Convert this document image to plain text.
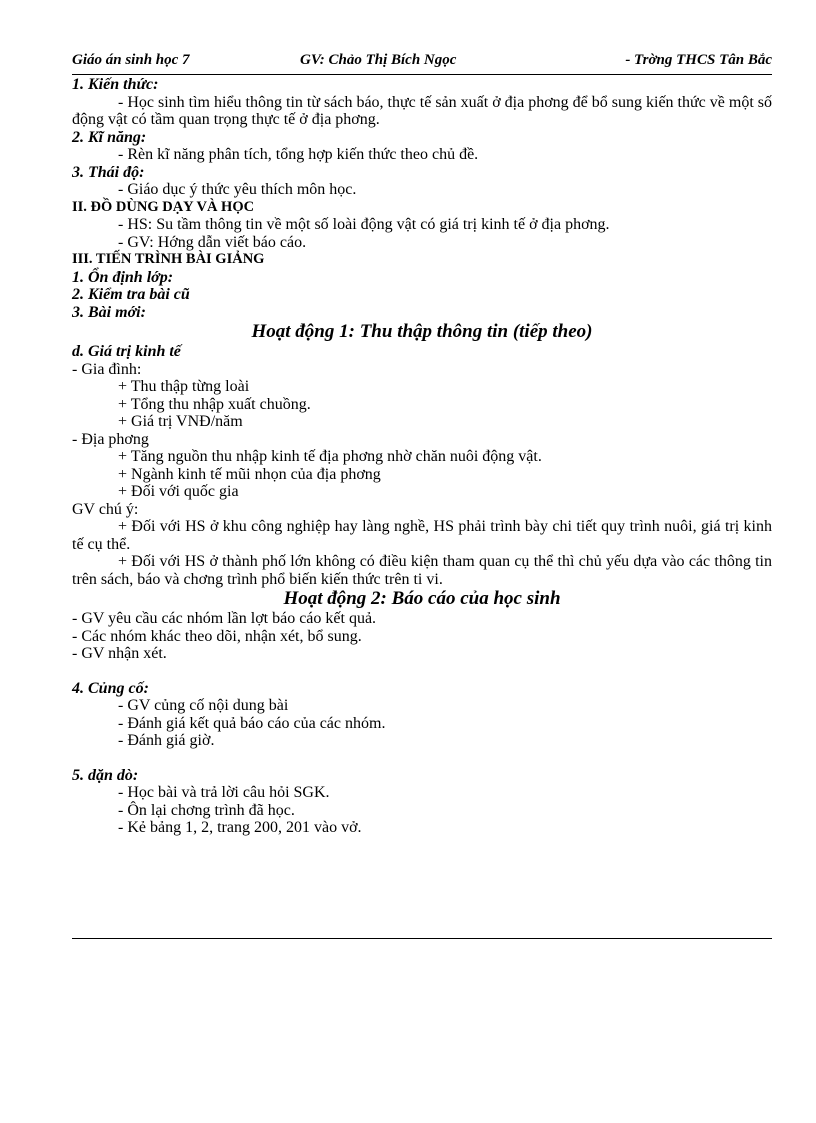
Giáo án sinh học 7	GV: Chảo Thị Bích Ngọc	- Trờng THCS Tân Bắc

1. Kiến thức:

- Học sinh tìm hiểu thông tin từ sách báo, thực tế sản xuất ở địa phơng để bổ sung kiến thức về một số động vật có tầm quan trọng thực tế ở địa phơng.

2. Kĩ năng:

- Rèn kĩ năng phân tích, tổng hợp kiến thức theo chủ đề.

3. Thái độ:

- Giáo dục ý thức yêu thích môn học.

II. ĐỒ DÙNG DẠY VÀ HỌC

- HS: Su tầm thông tin về một số loài động vật có giá trị kinh tế ở địa phơng.

- GV: Hớng dẫn viết báo cáo.

III. TIẾN TRÌNH BÀI GIẢNG

1. Ổn định lớp:

2. Kiểm tra bài cũ

3. Bài mới:

Hoạt động 1: Thu thập thông tin (tiếp theo)

d. Giá trị kinh tế

- Gia đình:

+ Thu thập từng loài

+ Tổng thu nhập xuất chuồng.

+ Giá trị VNĐ/năm

- Địa phơng

+ Tăng nguồn thu nhập kinh tế địa phơng nhờ chăn nuôi động vật.

+ Ngành kinh tế mũi nhọn của địa phơng

+ Đối với quốc gia

GV chú ý:

+ Đối với HS ở khu công nghiệp hay làng nghề, HS phải trình bày chi tiết quy trình nuôi, giá trị kinh tế cụ thể.

+ Đối với HS ở thành phố lớn không có điều kiện tham quan cụ thể thì chủ yếu dựa vào các thông tin trên sách, báo và chơng trình phổ biến kiến thức trên ti vi.

Hoạt động 2: Báo cáo của học sinh

- GV yêu cầu các nhóm lần lợt báo cáo kết quả.

- Các nhóm khác theo dõi, nhận xét, bổ sung.

- GV nhận xét.

4. Củng cố:

- GV củng cố nội dung bài

- Đánh giá kết quả báo cáo của các nhóm.

- Đánh giá giờ.

5. dặn dò:

- Học bài và trả lời câu hỏi SGK.

- Ôn lại chơng trình đã học.

- Kẻ bảng 1, 2, trang 200, 201 vào vở.
